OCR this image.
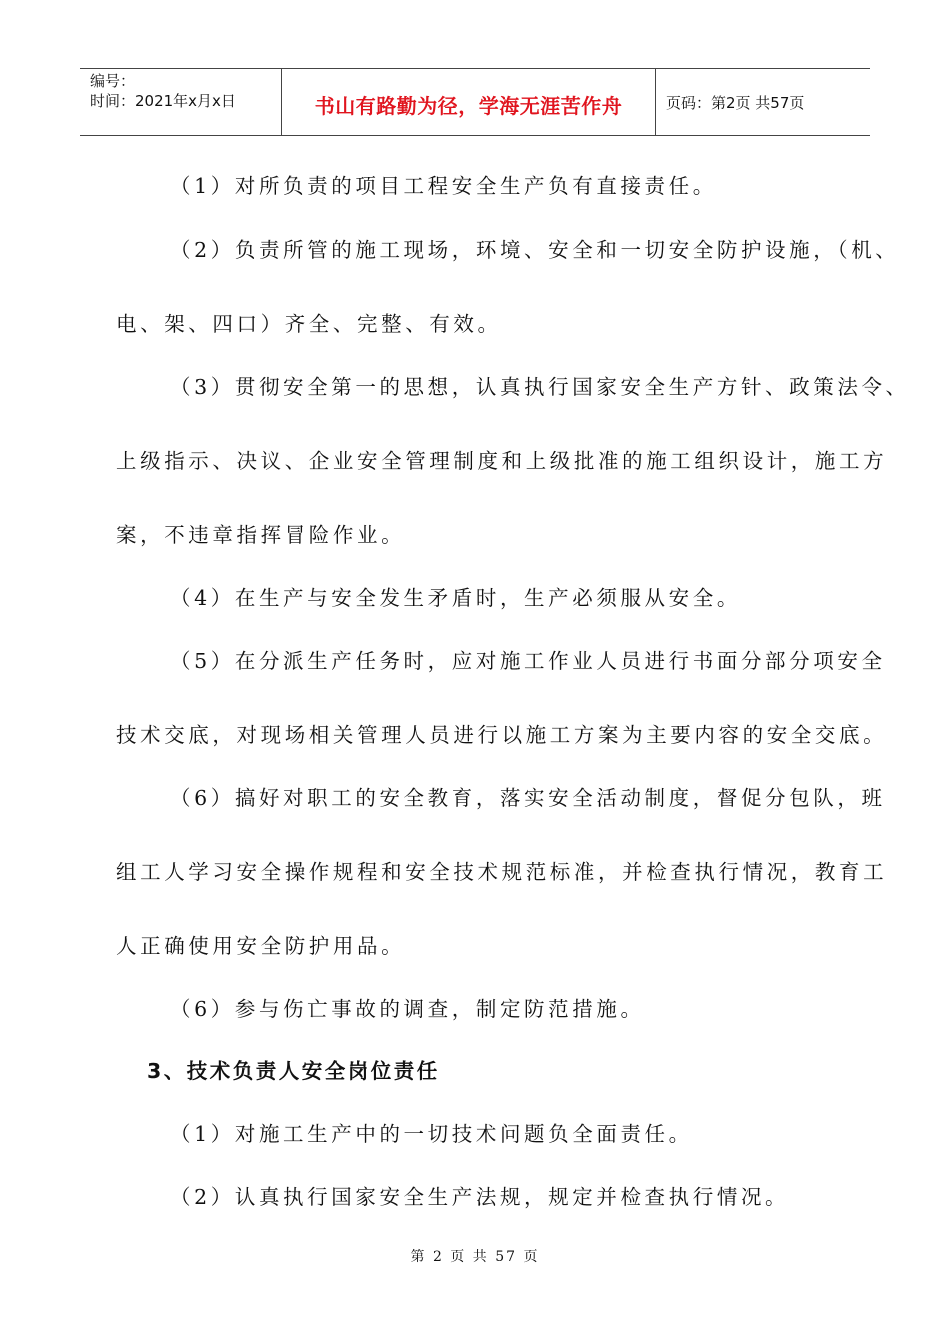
编号：
时间：2021年x月x日	书山有路勤为径，学海无涯苦作舟	页码：第2页 共57页
（1）对所负责的项目工程安全生产负有直接责任。
（2）负责所管的施工现场，环境、安全和一切安全防护设施，（机、
电、架、四口）齐全、完整、有效。
（3）贯彻安全第一的思想，认真执行国家安全生产方针、政策法令、
上级指示、决议、企业安全管理制度和上级批准的施工组织设计，施工方
案，不违章指挥冒险作业。
（4）在生产与安全发生矛盾时，生产必须服从安全。
（5）在分派生产任务时，应对施工作业人员进行书面分部分项安全
技术交底，对现场相关管理人员进行以施工方案为主要内容的安全交底。
（6）搞好对职工的安全教育，落实安全活动制度，督促分包队，班
组工人学习安全操作规程和安全技术规范标准，并检查执行情况，教育工
人正确使用安全防护用品。
（6）参与伤亡事故的调查，制定防范措施。
3、技术负责人安全岗位责任
（1）对施工生产中的一切技术问题负全面责任。
（2）认真执行国家安全生产法规，规定并检查执行情况。
第 2 页 共 57 页
